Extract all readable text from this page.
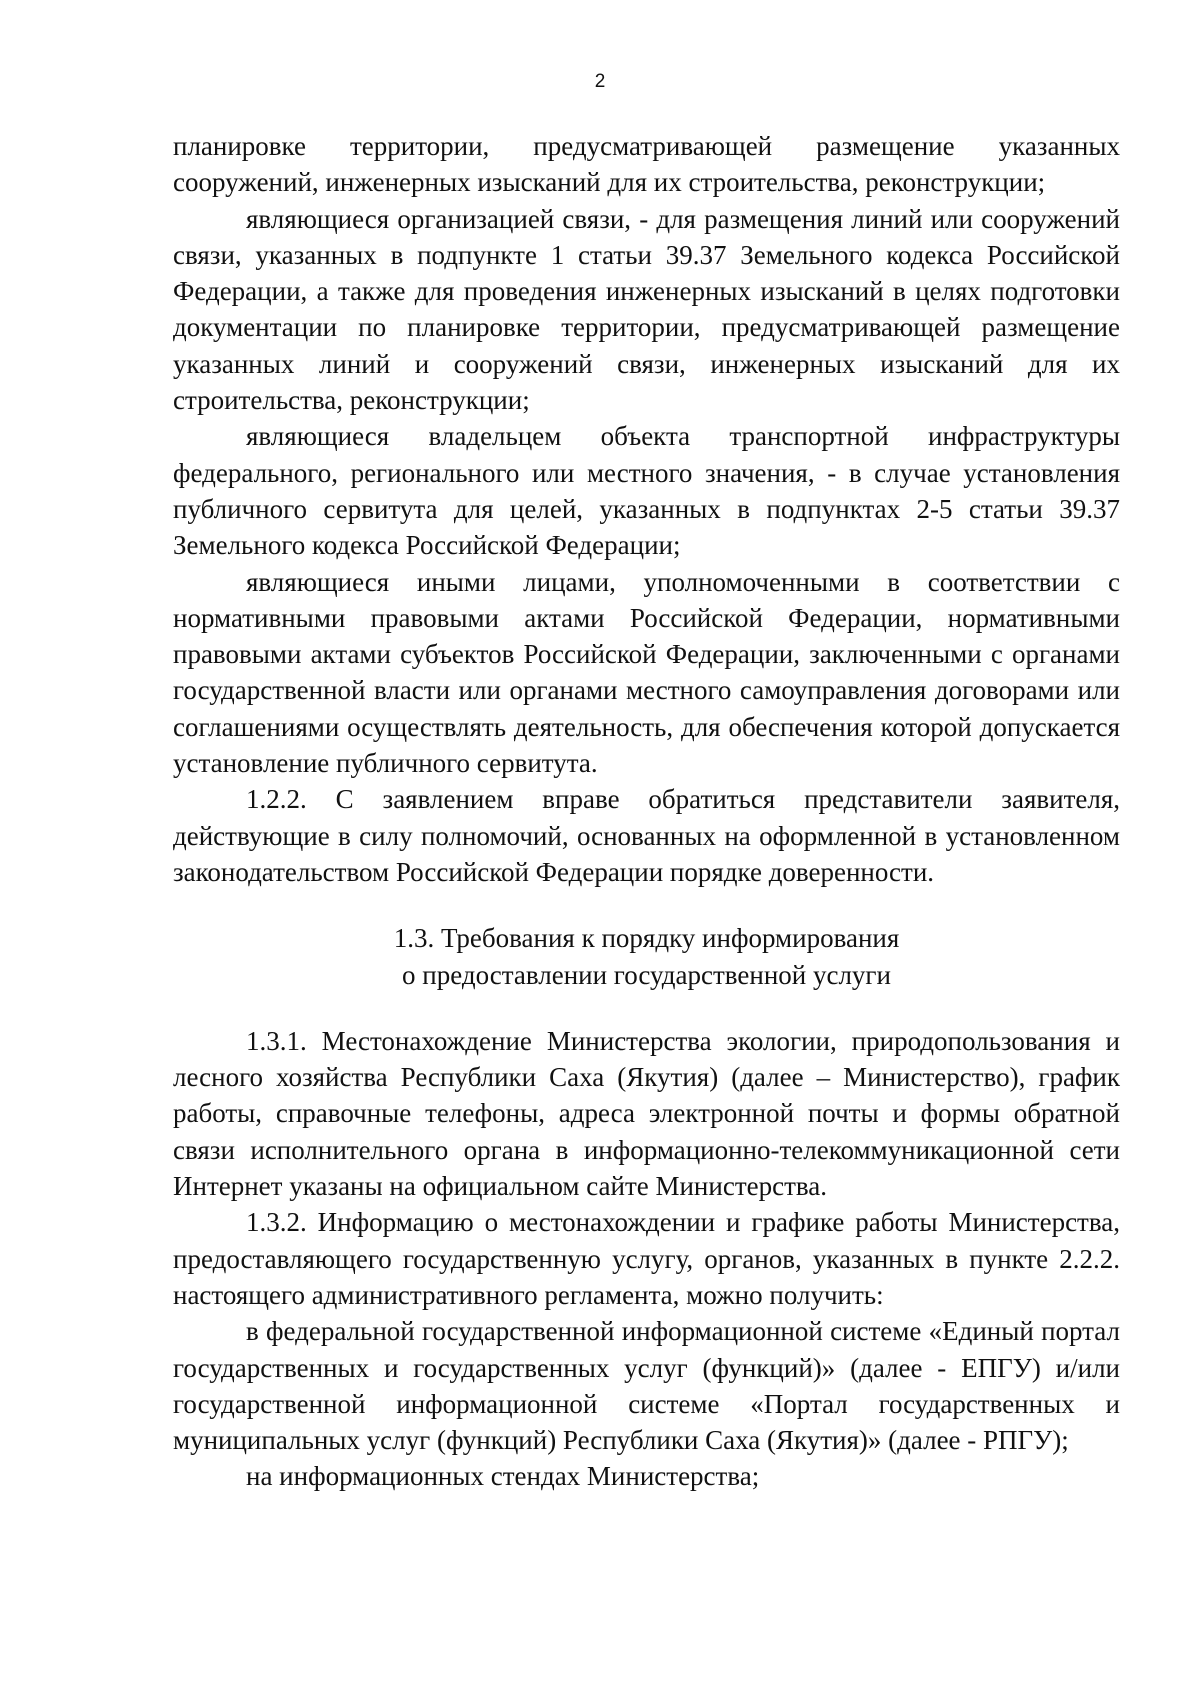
2

планировке территории, предусматривающей размещение указанных сооружений, инженерных изысканий для их строительства, реконструкции;

являющиеся организацией связи, - для размещения линий или сооружений связи, указанных в подпункте 1 статьи 39.37 Земельного кодекса Российской Федерации, а также для проведения инженерных изысканий в целях подготовки документации по планировке территории, предусматривающей размещение указанных линий и сооружений связи, инженерных изысканий для их строительства, реконструкции;

являющиеся владельцем объекта транспортной инфраструктуры федерального, регионального или местного значения, - в случае установления публичного сервитута для целей, указанных в подпунктах 2-5 статьи 39.37 Земельного кодекса Российской Федерации;

являющиеся иными лицами, уполномоченными в соответствии с нормативными правовыми актами Российской Федерации, нормативными правовыми актами субъектов Российской Федерации, заключенными с органами государственной власти или органами местного самоуправления договорами или соглашениями осуществлять деятельность, для обеспечения которой допускается установление публичного сервитута.

1.2.2. С заявлением вправе обратиться представители заявителя, действующие в силу полномочий, основанных на оформленной в установленном законодательством Российской Федерации порядке доверенности.

1.3. Требования к порядку информирования
о предоставлении государственной услуги

1.3.1. Местонахождение Министерства экологии, природопользования и лесного хозяйства Республики Саха (Якутия) (далее – Министерство), график работы, справочные телефоны, адреса электронной почты и формы обратной связи исполнительного органа в информационно-телекоммуникационной сети Интернет указаны на официальном сайте Министерства.

1.3.2. Информацию о местонахождении и графике работы Министерства, предоставляющего государственную услугу, органов, указанных в пункте 2.2.2. настоящего административного регламента, можно получить:

в федеральной государственной информационной системе «Единый портал государственных и государственных услуг (функций)» (далее - ЕПГУ) и/или государственной информационной системе «Портал государственных и муниципальных услуг (функций) Республики Саха (Якутия)» (далее - РПГУ);

на информационных стендах Министерства;
